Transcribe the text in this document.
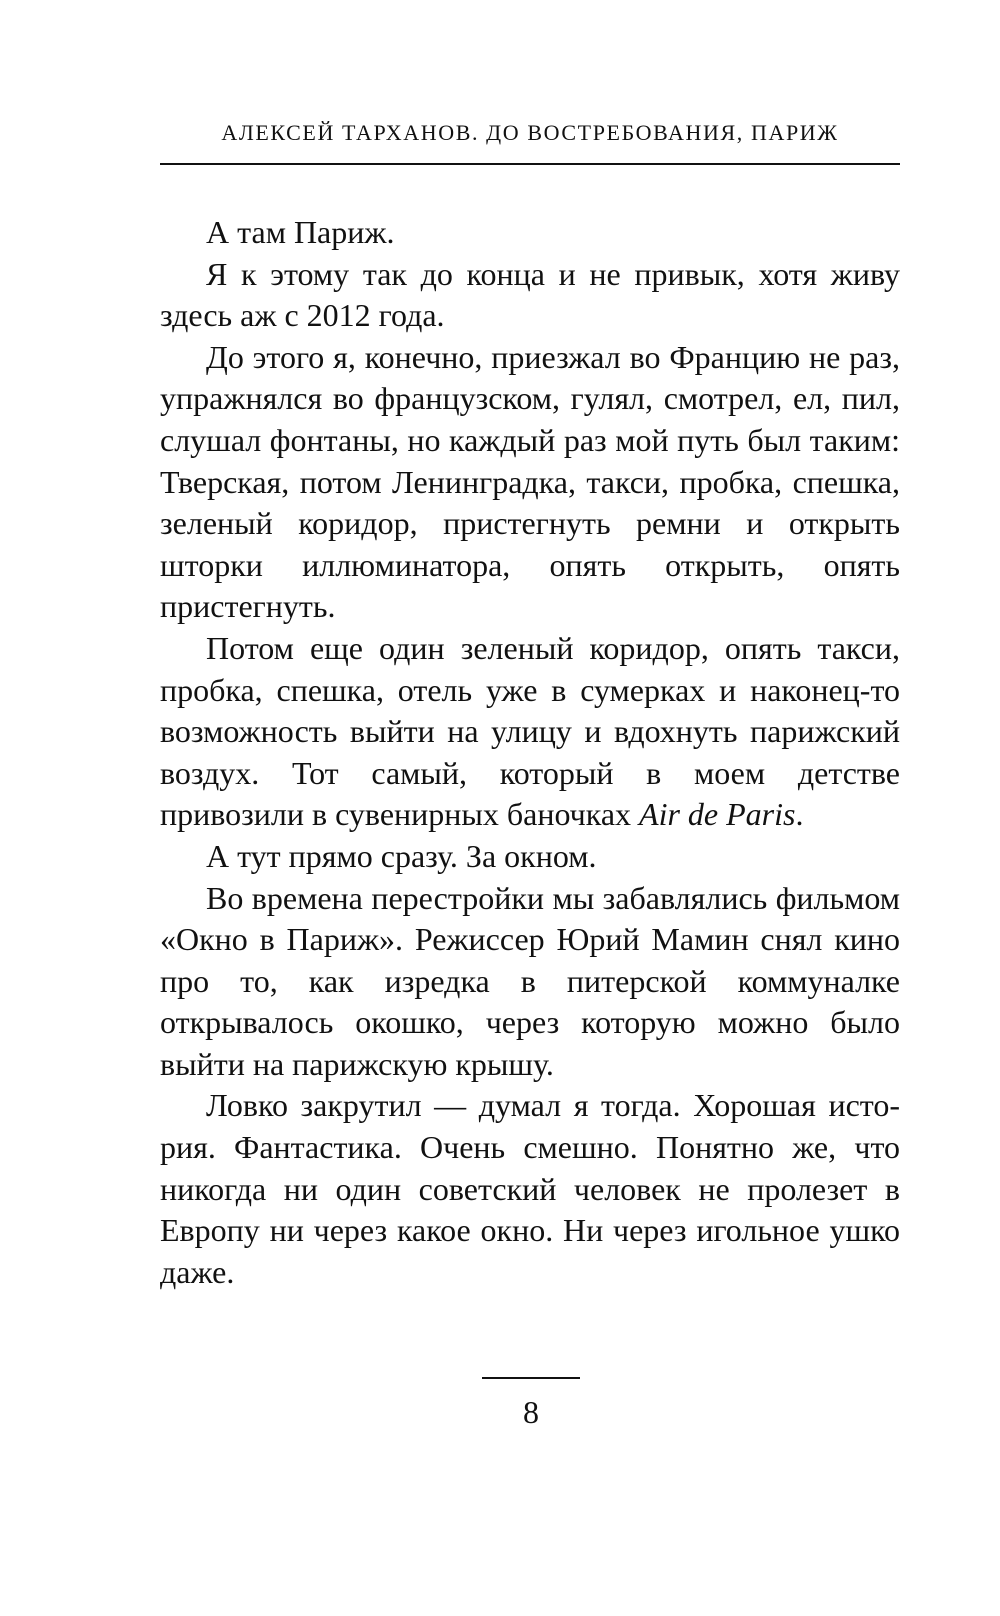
АЛЕКСЕЙ ТАРХАНОВ. ДО ВОСТРЕБОВАНИЯ, ПАРИЖ

А там Париж.

Я к этому так до конца и не привык, хотя живу здесь аж с 2012 года.

До этого я, конечно, приезжал во Францию не раз, упражнялся во французском, гулял, смотрел, ел, пил, слушал фонтаны, но каждый раз мой путь был таким: Тверская, потом Ленинградка, такси, пробка, спешка, зеленый коридор, пристегнуть ремни и открыть шторки иллюминатора, опять открыть, опять пристегнуть.

Потом еще один зеленый коридор, опять такси, пробка, спешка, отель уже в сумерках и наконец-то возможность выйти на улицу и вдохнуть парижский воздух. Тот самый, который в моем детстве привозили в сувенирных баночках Air de Paris.

А тут прямо сразу. За окном.

Во времена перестройки мы забавлялись фильмом «Окно в Париж». Режиссер Юрий Мамин снял кино про то, как изредка в питерской коммуналке открывалось окошко, через которую можно было выйти на парижскую крышу.

Ловко закрутил — думал я тогда. Хорошая история. Фантастика. Очень смешно. Понятно же, что никогда ни один советский человек не пролезет в Европу ни через какое окно. Ни через игольное ушко даже.

8
